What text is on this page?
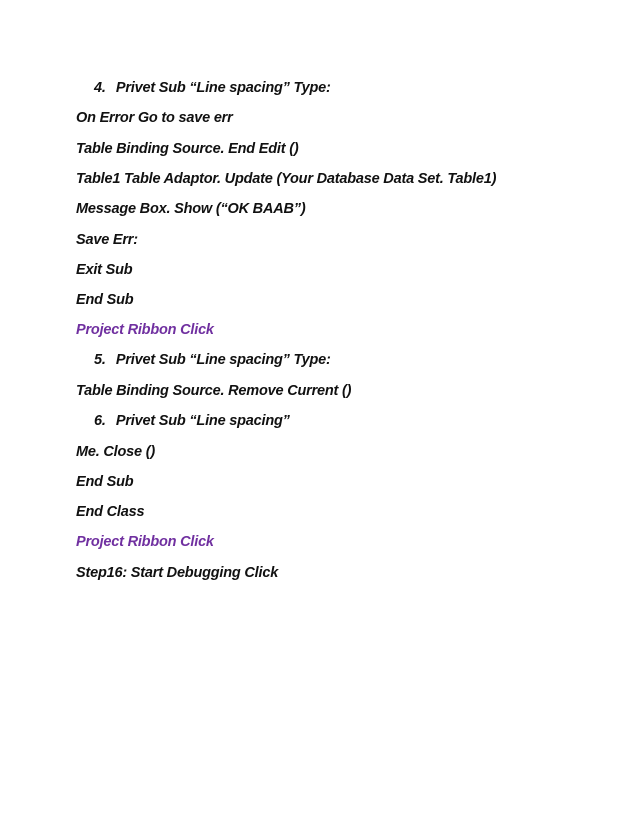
4. Privet Sub “Line spacing” Type:
On Error Go to save err
Table Binding Source. End Edit ()
Table1 Table Adaptor. Update (Your Database Data Set. Table1)
Message Box. Show (“OK BAAB”)
Save Err:
Exit Sub
End Sub
Project Ribbon Click
5. Privet Sub “Line spacing” Type:
Table Binding Source. Remove Current ()
6. Privet Sub “Line spacing”
Me. Close ()
End Sub
End Class
Project Ribbon Click
Step16: Start Debugging Click
